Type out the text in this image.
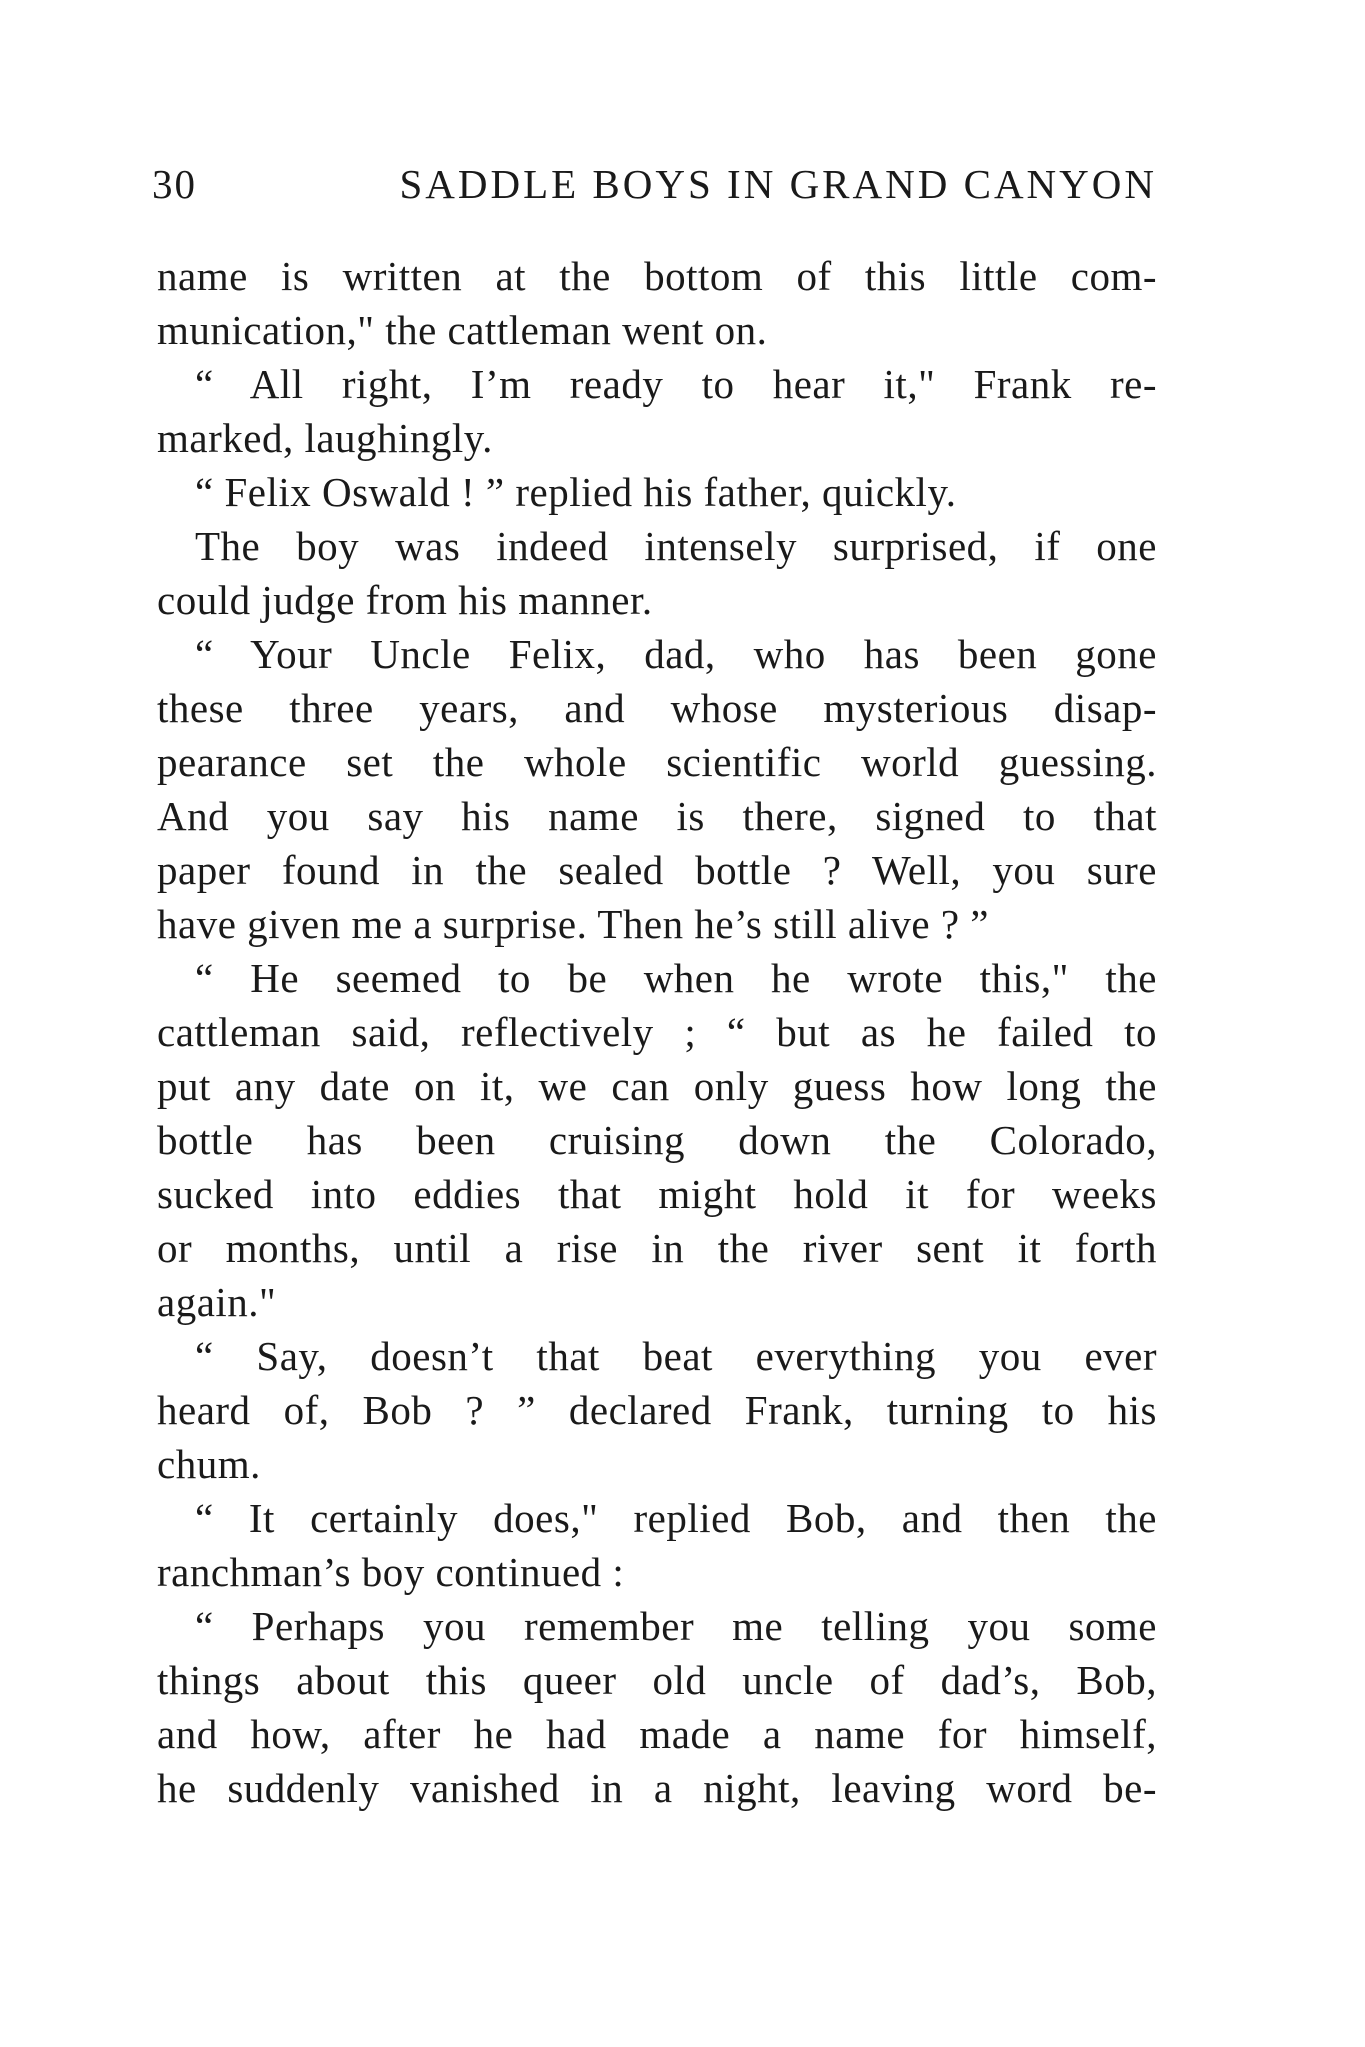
30	SADDLE BOYS IN GRAND CANYON
name is written at the bottom of this little com-
munication," the cattleman went on.
“ All right, I’m ready to hear it," Frank re-
marked, laughingly.
“ Felix Oswald ! ” replied his father, quickly.
The boy was indeed intensely surprised, if one
could judge from his manner.
“ Your Uncle Felix, dad, who has been gone
these three years, and whose mysterious disap-
pearance set the whole scientific world guessing.
And you say his name is there, signed to that
paper found in the sealed bottle ? Well, you sure
have given me a surprise. Then he’s still alive ? ”
“ He seemed to be when he wrote this," the
cattleman said, reflectively ; “ but as he failed to
put any date on it, we can only guess how long the
bottle has been cruising down the Colorado,
sucked into eddies that might hold it for weeks
or months, until a rise in the river sent it forth
again."
“ Say, doesn’t that beat everything you ever
heard of, Bob ? ” declared Frank, turning to his
chum.
“ It certainly does," replied Bob, and then the
ranchman’s boy continued :
“ Perhaps you remember me telling you some
things about this queer old uncle of dad’s, Bob,
and how, after he had made a name for himself,
he suddenly vanished in a night, leaving word be-
